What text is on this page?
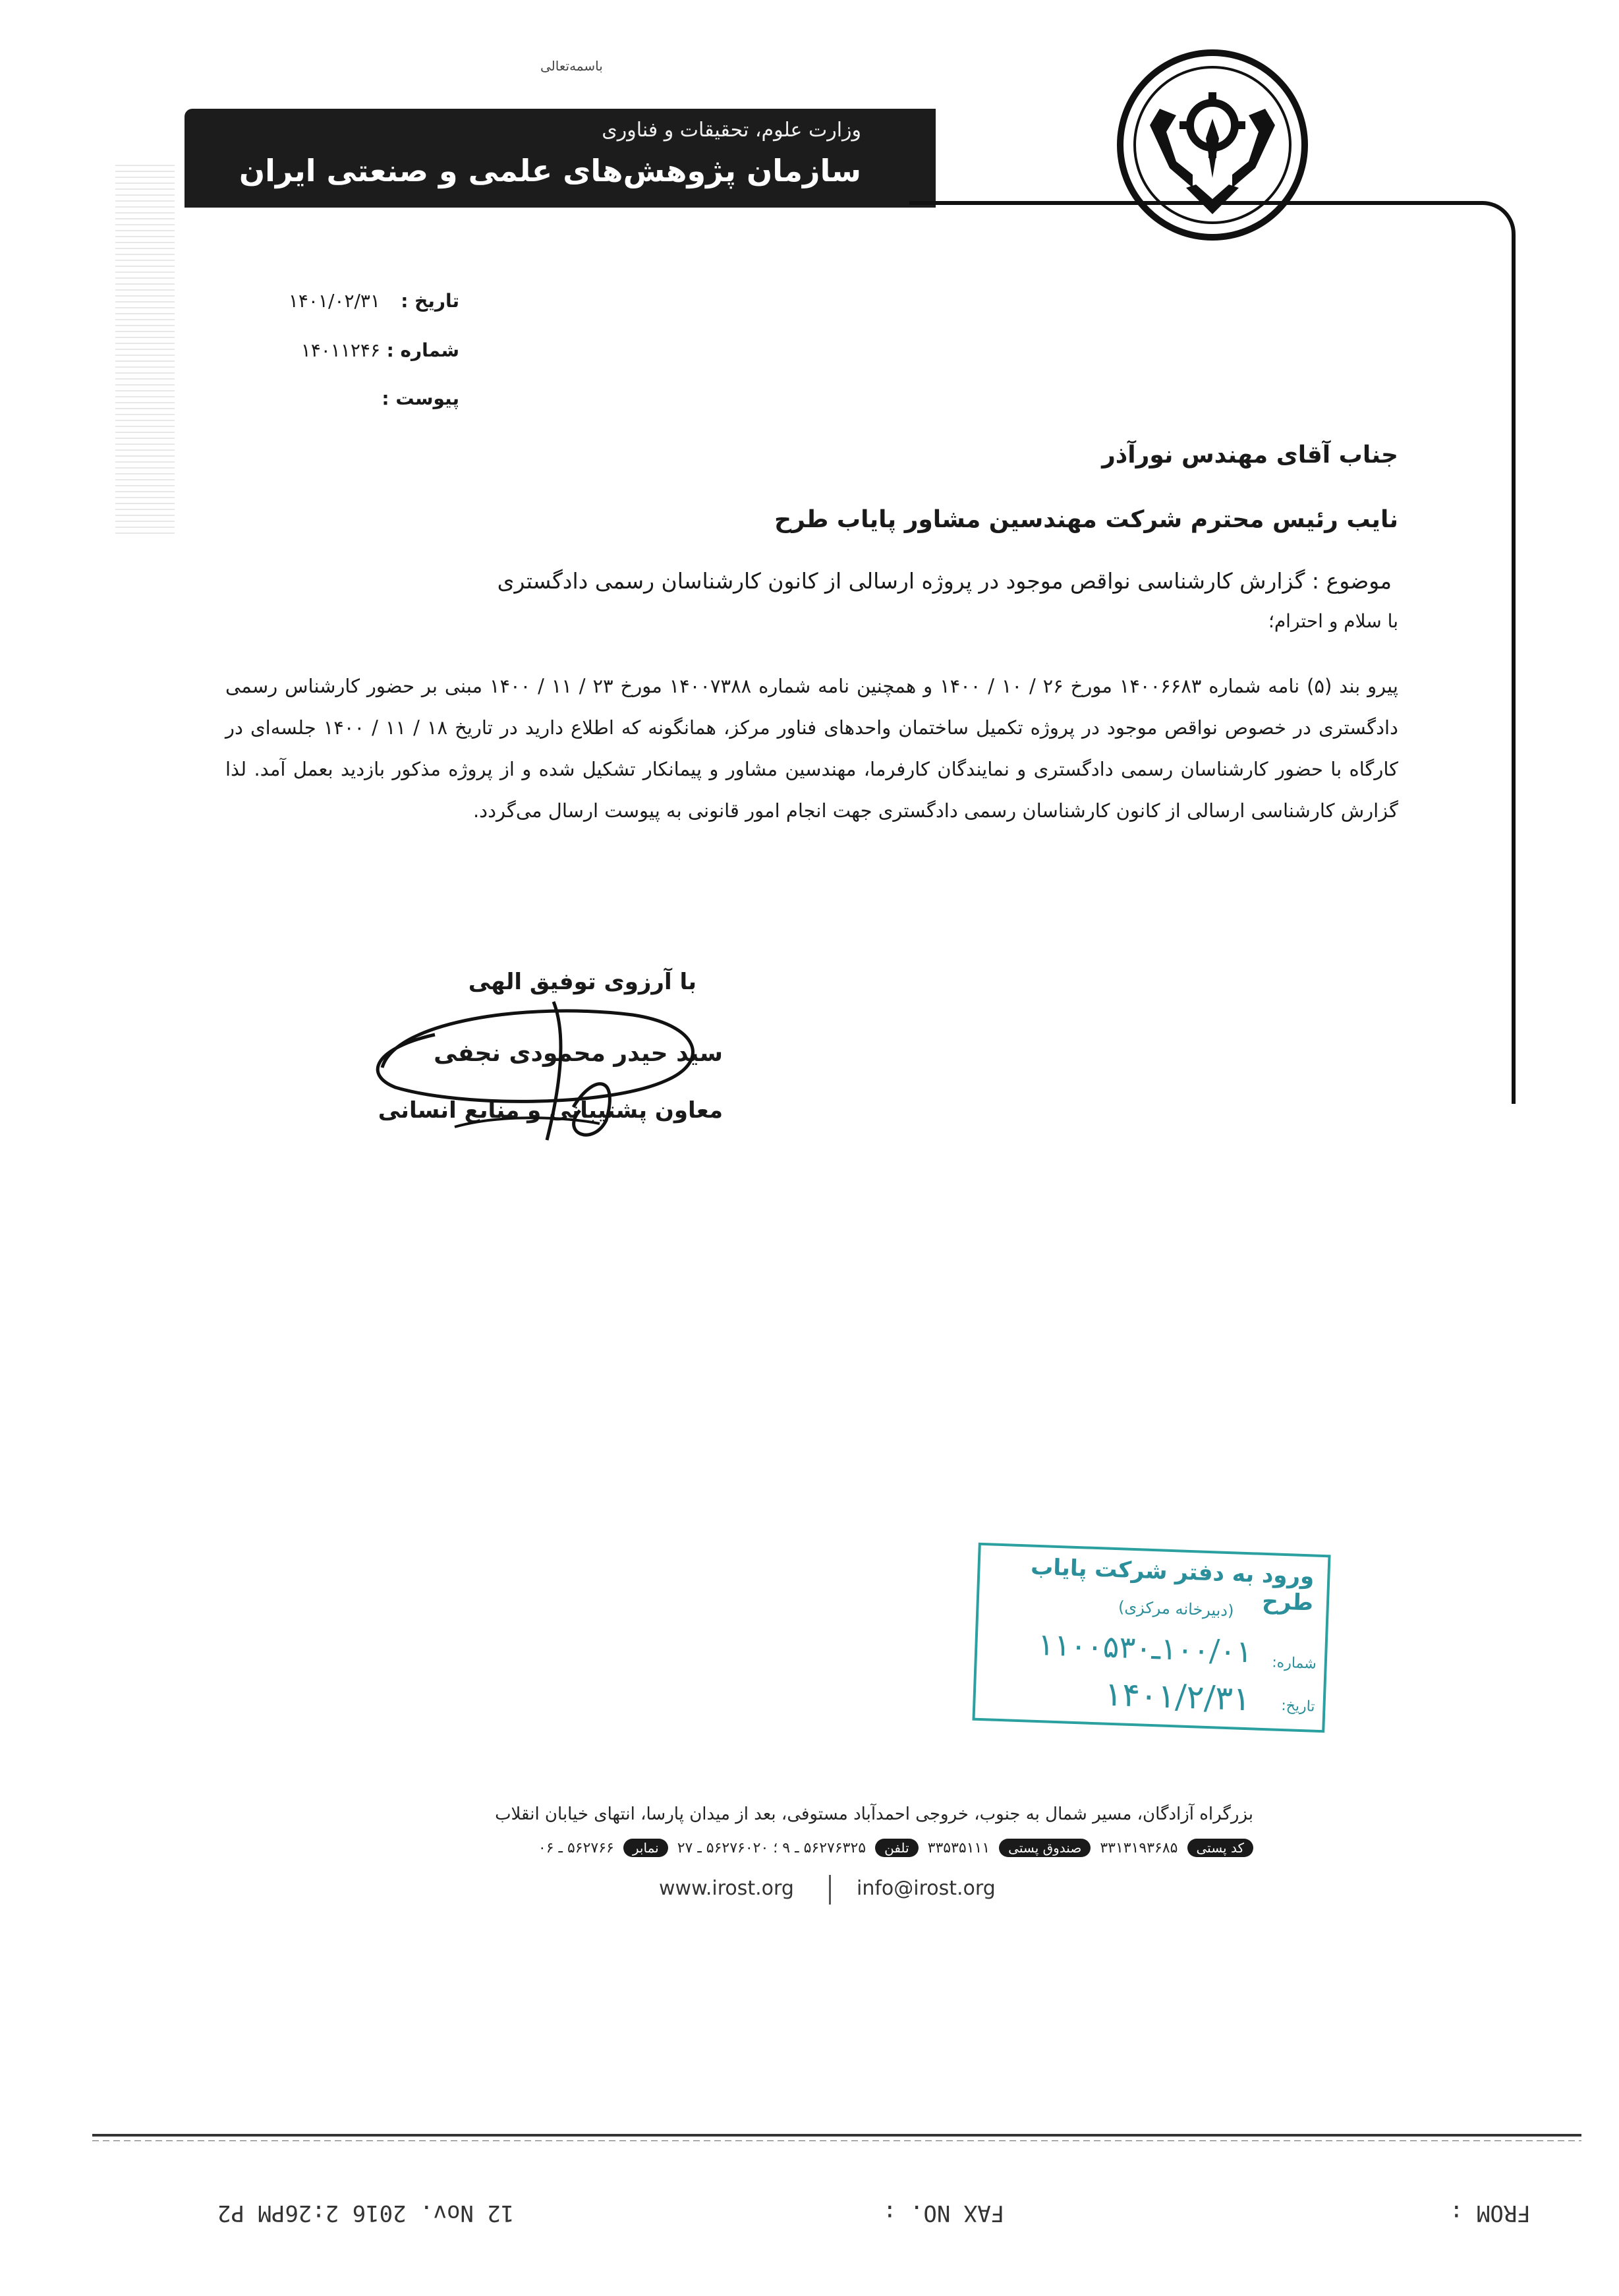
باسمه‌تعالی
وزارت علوم، تحقیقات و فناوری
سازمان پژوهش‌های علمی و صنعتی ایران
تاریخ :
۱۴۰۱/۰۲/۳۱
شماره :
۱۴۰۱۱۲۴۶
پیوست :
جناب آقای مهندس نورآذر
نایب رئیس محترم شرکت مهندسین مشاور پایاب طرح
موضوع : گزارش کارشناسی نواقص موجود در پروژه ارسالی از کانون کارشناسان رسمی دادگستری
با سلام و احترام؛
پیرو بند (۵) نامه شماره ۱۴۰۰۶۶۸۳ مورخ ۲۶ / ۱۰ / ۱۴۰۰ و همچنین نامه شماره ۱۴۰۰۷۳۸۸ مورخ ۲۳ / ۱۱ / ۱۴۰۰ مبنی بر حضور کارشناس رسمی دادگستری در خصوص نواقص موجود در پروژه تکمیل ساختمان واحدهای فناور مرکز، همانگونه که اطلاع دارید در تاریخ ۱۸ / ۱۱ / ۱۴۰۰ جلسه‌ای در کارگاه با حضور کارشناسان رسمی دادگستری و نمایندگان کارفرما، مهندسین مشاور و پیمانکار تشکیل شده و از پروژه مذکور بازدید بعمل آمد. لذا گزارش کارشناسی ارسالی از کانون کارشناسان رسمی دادگستری جهت انجام امور قانونی به پیوست ارسال می‌گردد.
با آرزوی توفیق الهی
سید حیدر محمودی نجفی
معاون پشتیبانی و منابع انسانی
ورود به دفتر شرکت پایاب طرح
(دبیرخانه مرکزی)
شماره:
۱۰۰/۰۱ـ۱۱۰۰۵۳۰
تاریخ:
۱۴۰۱/۲/۳۱
بزرگراه آزادگان، مسیر شمال به جنوب، خروجی احمدآباد مستوفی، بعد از میدان پارسا، انتهای خیابان انقلاب
کد پستی
۳۳۱۳۱۹۳۶۸۵
صندوق پستی
۳۳۵۳۵۱۱۱
تلفن
۵۶۲۷۶۳۲۵ ـ ۹ ؛ ۵۶۲۷۶۰۲۰ ـ ۲۷
نمابر
۵۶۲۷۶۶ ـ ۰۶
www.irost.org	info@irost.org
12 Nov. 2016 2:26PM P2	FAX NO. :	FROM :
